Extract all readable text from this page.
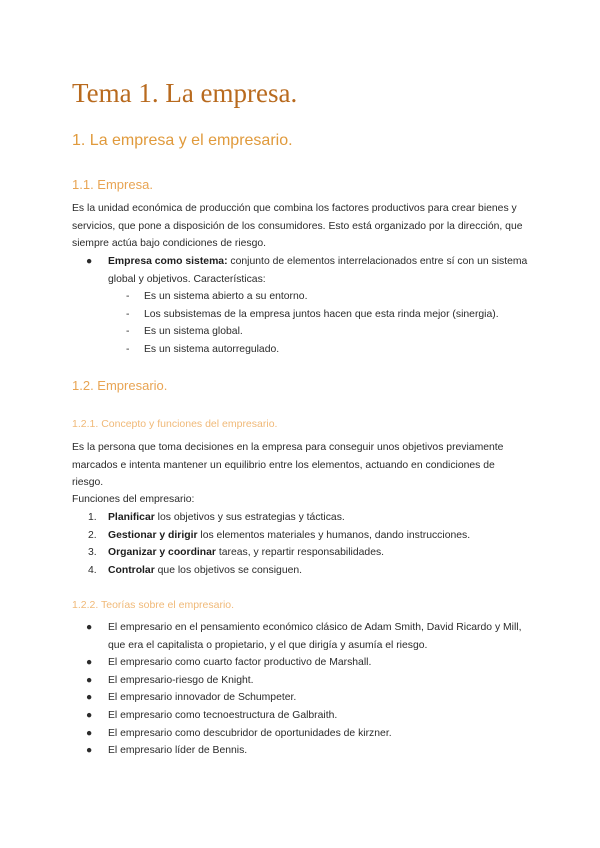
Tema 1. La empresa.
1. La empresa y el empresario.
1.1. Empresa.

Es la unidad económica de producción que combina los factores productivos para crear bienes y servicios, que pone a disposición de los consumidores. Esto está organizado por la dirección, que siempre actúa bajo condiciones de riesgo.

● Empresa como sistema: conjunto de elementos interrelacionados entre sí con un sistema global y objetivos. Características:
- Es un sistema abierto a su entorno.
- Los subsistemas de la empresa juntos hacen que esta rinda mejor (sinergia).
- Es un sistema global.
- Es un sistema autorregulado.
1.2. Empresario.
1.2.1. Concepto y funciones del empresario.

Es la persona que toma decisiones en la empresa para conseguir unos objetivos previamente marcados e intenta mantener un equilibrio entre los elementos, actuando en condiciones de riesgo.

Funciones del empresario:

1. Planificar los objetivos y sus estrategias y tácticas.
2. Gestionar y dirigir los elementos materiales y humanos, dando instrucciones.
3. Organizar y coordinar tareas, y repartir responsabilidades.
4. Controlar que los objetivos se consiguen.
1.2.2. Teorías sobre el empresario.
● El empresario en el pensamiento económico clásico de Adam Smith, David Ricardo y Mill, que era el capitalista o propietario, y el que dirigía y asumía el riesgo.
● El empresario como cuarto factor productivo de Marshall.
● El empresario-riesgo de Knight.
● El empresario innovador de Schumpeter.
● El empresario como tecnoestructura de Galbraith.
● El empresario como descubridor de oportunidades de kirzner.
● El empresario líder de Bennis.
